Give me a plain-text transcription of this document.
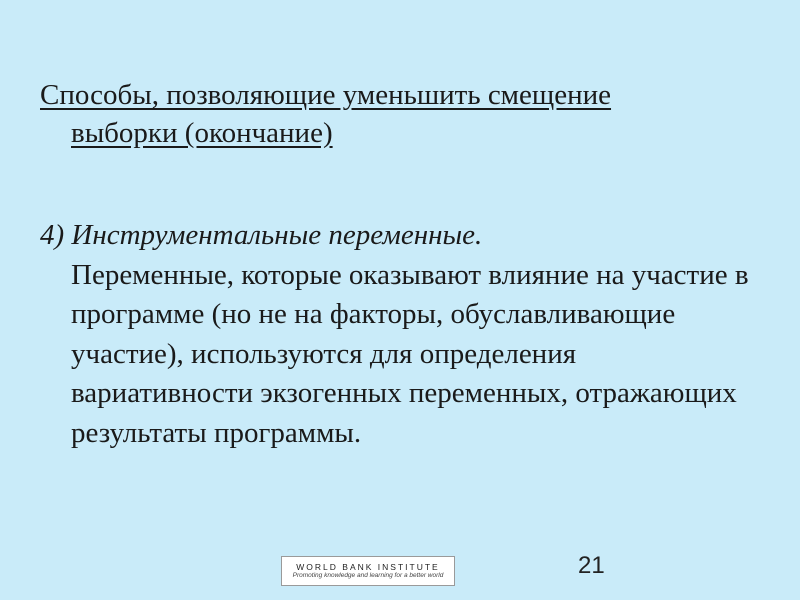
Способы, позволяющие уменьшить смещение
выборки (окончание)
4) Инструментальные переменные.
Переменные, которые оказывают влияние на участие в программе (но не на факторы, обуславливающие участие), используются для определения вариативности экзогенных переменных, отражающих результаты программы.
WORLD BANK INSTITUTE
Promoting knowledge and learning for a better world	21
